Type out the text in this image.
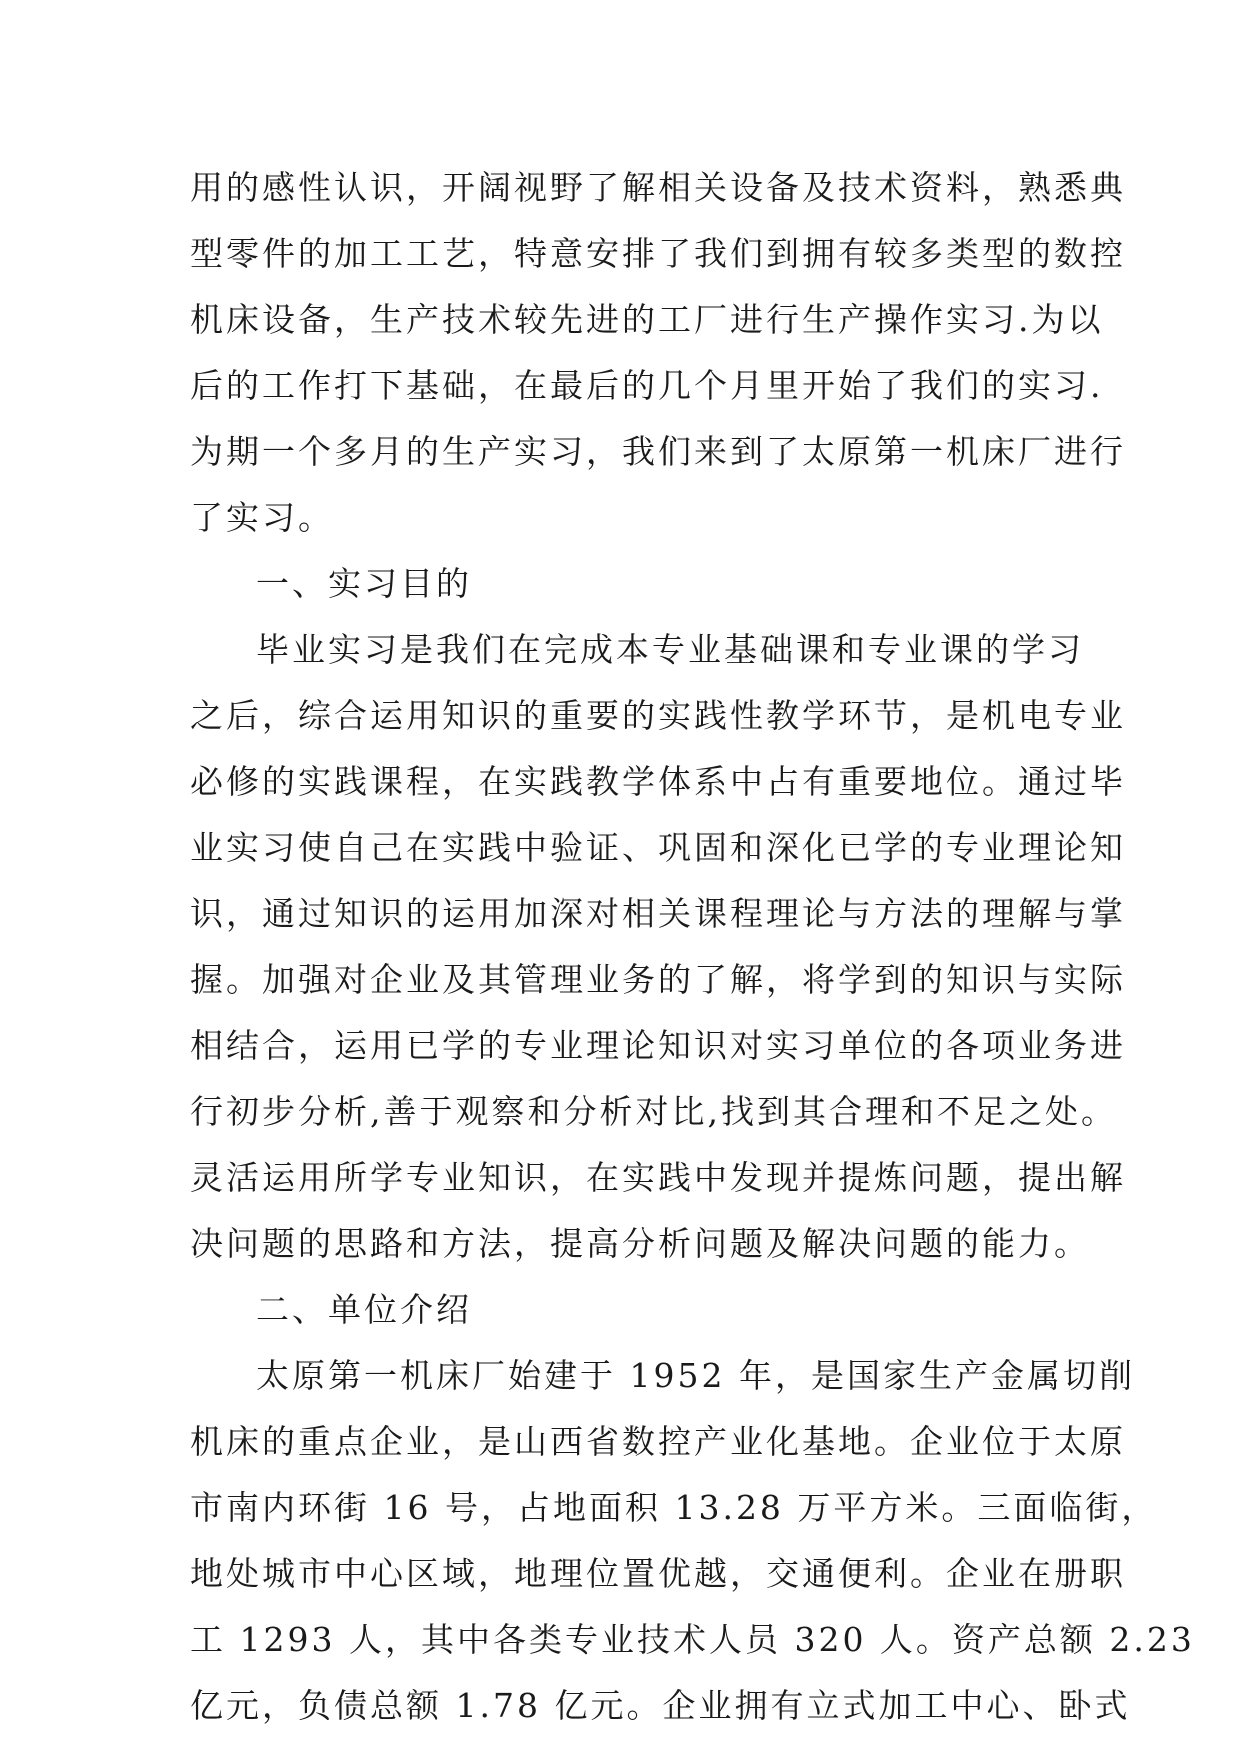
用的感性认识，开阔视野了解相关设备及技术资料，熟悉典
型零件的加工工艺，特意安排了我们到拥有较多类型的数控
机床设备，生产技术较先进的工厂进行生产操作实习.为以
后的工作打下基础，在最后的几个月里开始了我们的实习.
为期一个多月的生产实习，我们来到了太原第一机床厂进行
了实习。
一、实习目的
毕业实习是我们在完成本专业基础课和专业课的学习
之后，综合运用知识的重要的实践性教学环节，是机电专业
必修的实践课程，在实践教学体系中占有重要地位。通过毕
业实习使自己在实践中验证、巩固和深化已学的专业理论知
识，通过知识的运用加深对相关课程理论与方法的理解与掌
握。加强对企业及其管理业务的了解，将学到的知识与实际
相结合，运用已学的专业理论知识对实习单位的各项业务进
行初步分析,善于观察和分析对比,找到其合理和不足之处。
灵活运用所学专业知识，在实践中发现并提炼问题，提出解
决问题的思路和方法，提高分析问题及解决问题的能力。
二、单位介绍
太原第一机床厂始建于 1952 年，是国家生产金属切削
机床的重点企业，是山西省数控产业化基地。企业位于太原
市南内环街 16 号，占地面积 13.28 万平方米。三面临街，
地处城市中心区域，地理位置优越，交通便利。企业在册职
工 1293 人，其中各类专业技术人员 320 人。资产总额 2.23
亿元，负债总额 1.78 亿元。企业拥有立式加工中心、卧式
